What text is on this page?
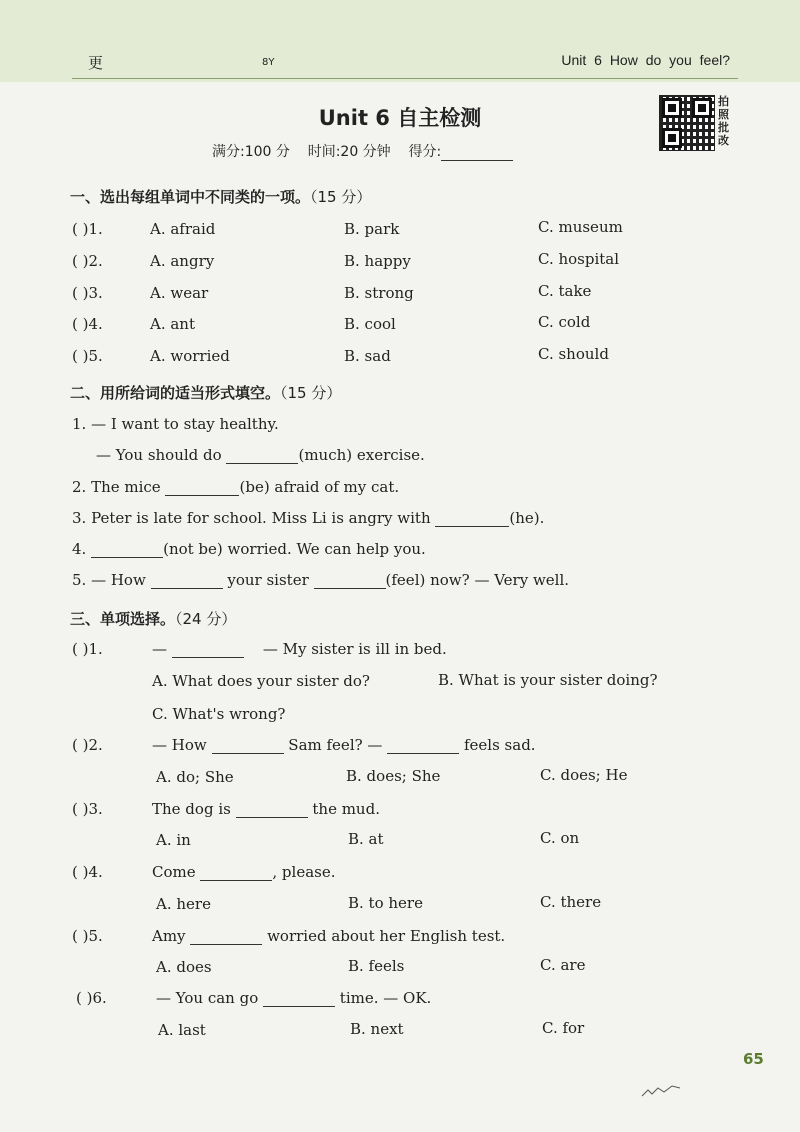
更	8Y	Unit 6 How do you feel?
Unit 6 自主检测
满分:100 分 时间:20 分钟 得分:
拍照批改
一、选出每组单词中不同类的一项。（15 分）
( )1.	A. afraid	B. park	C. museum
( )2.	A. angry	B. happy	C. hospital
( )3.	A. wear	B. strong	C. take
( )4.	A. ant	B. cool	C. cold
( )5.	A. worried	B. sad	C. should
二、用所给词的适当形式填空。（15 分）
1. — I want to stay healthy.
— You should do	(much) exercise.
2. The mice	(be) afraid of my cat.
3. Peter is late for school. Miss Li is angry with	(he).
4.	(not be) worried. We can help you.
5. — How	your sister	(feel) now? — Very well.
三、单项选择。（24 分）
( )1.	—	— My sister is ill in bed.
A. What does your sister do?	B. What is your sister doing?
C. What's wrong?
( )2.	— How	Sam feel? —	feels sad.
A. do; She	B. does; She	C. does; He
( )3.	The dog is	the mud.
A. in	B. at	C. on
( )4.	Come	, please.
A. here	B. to here	C. there
( )5.	Amy	worried about her English test.
A. does	B. feels	C. are
( )6.	— You can go	time. — OK.
A. last	B. next	C. for
65
